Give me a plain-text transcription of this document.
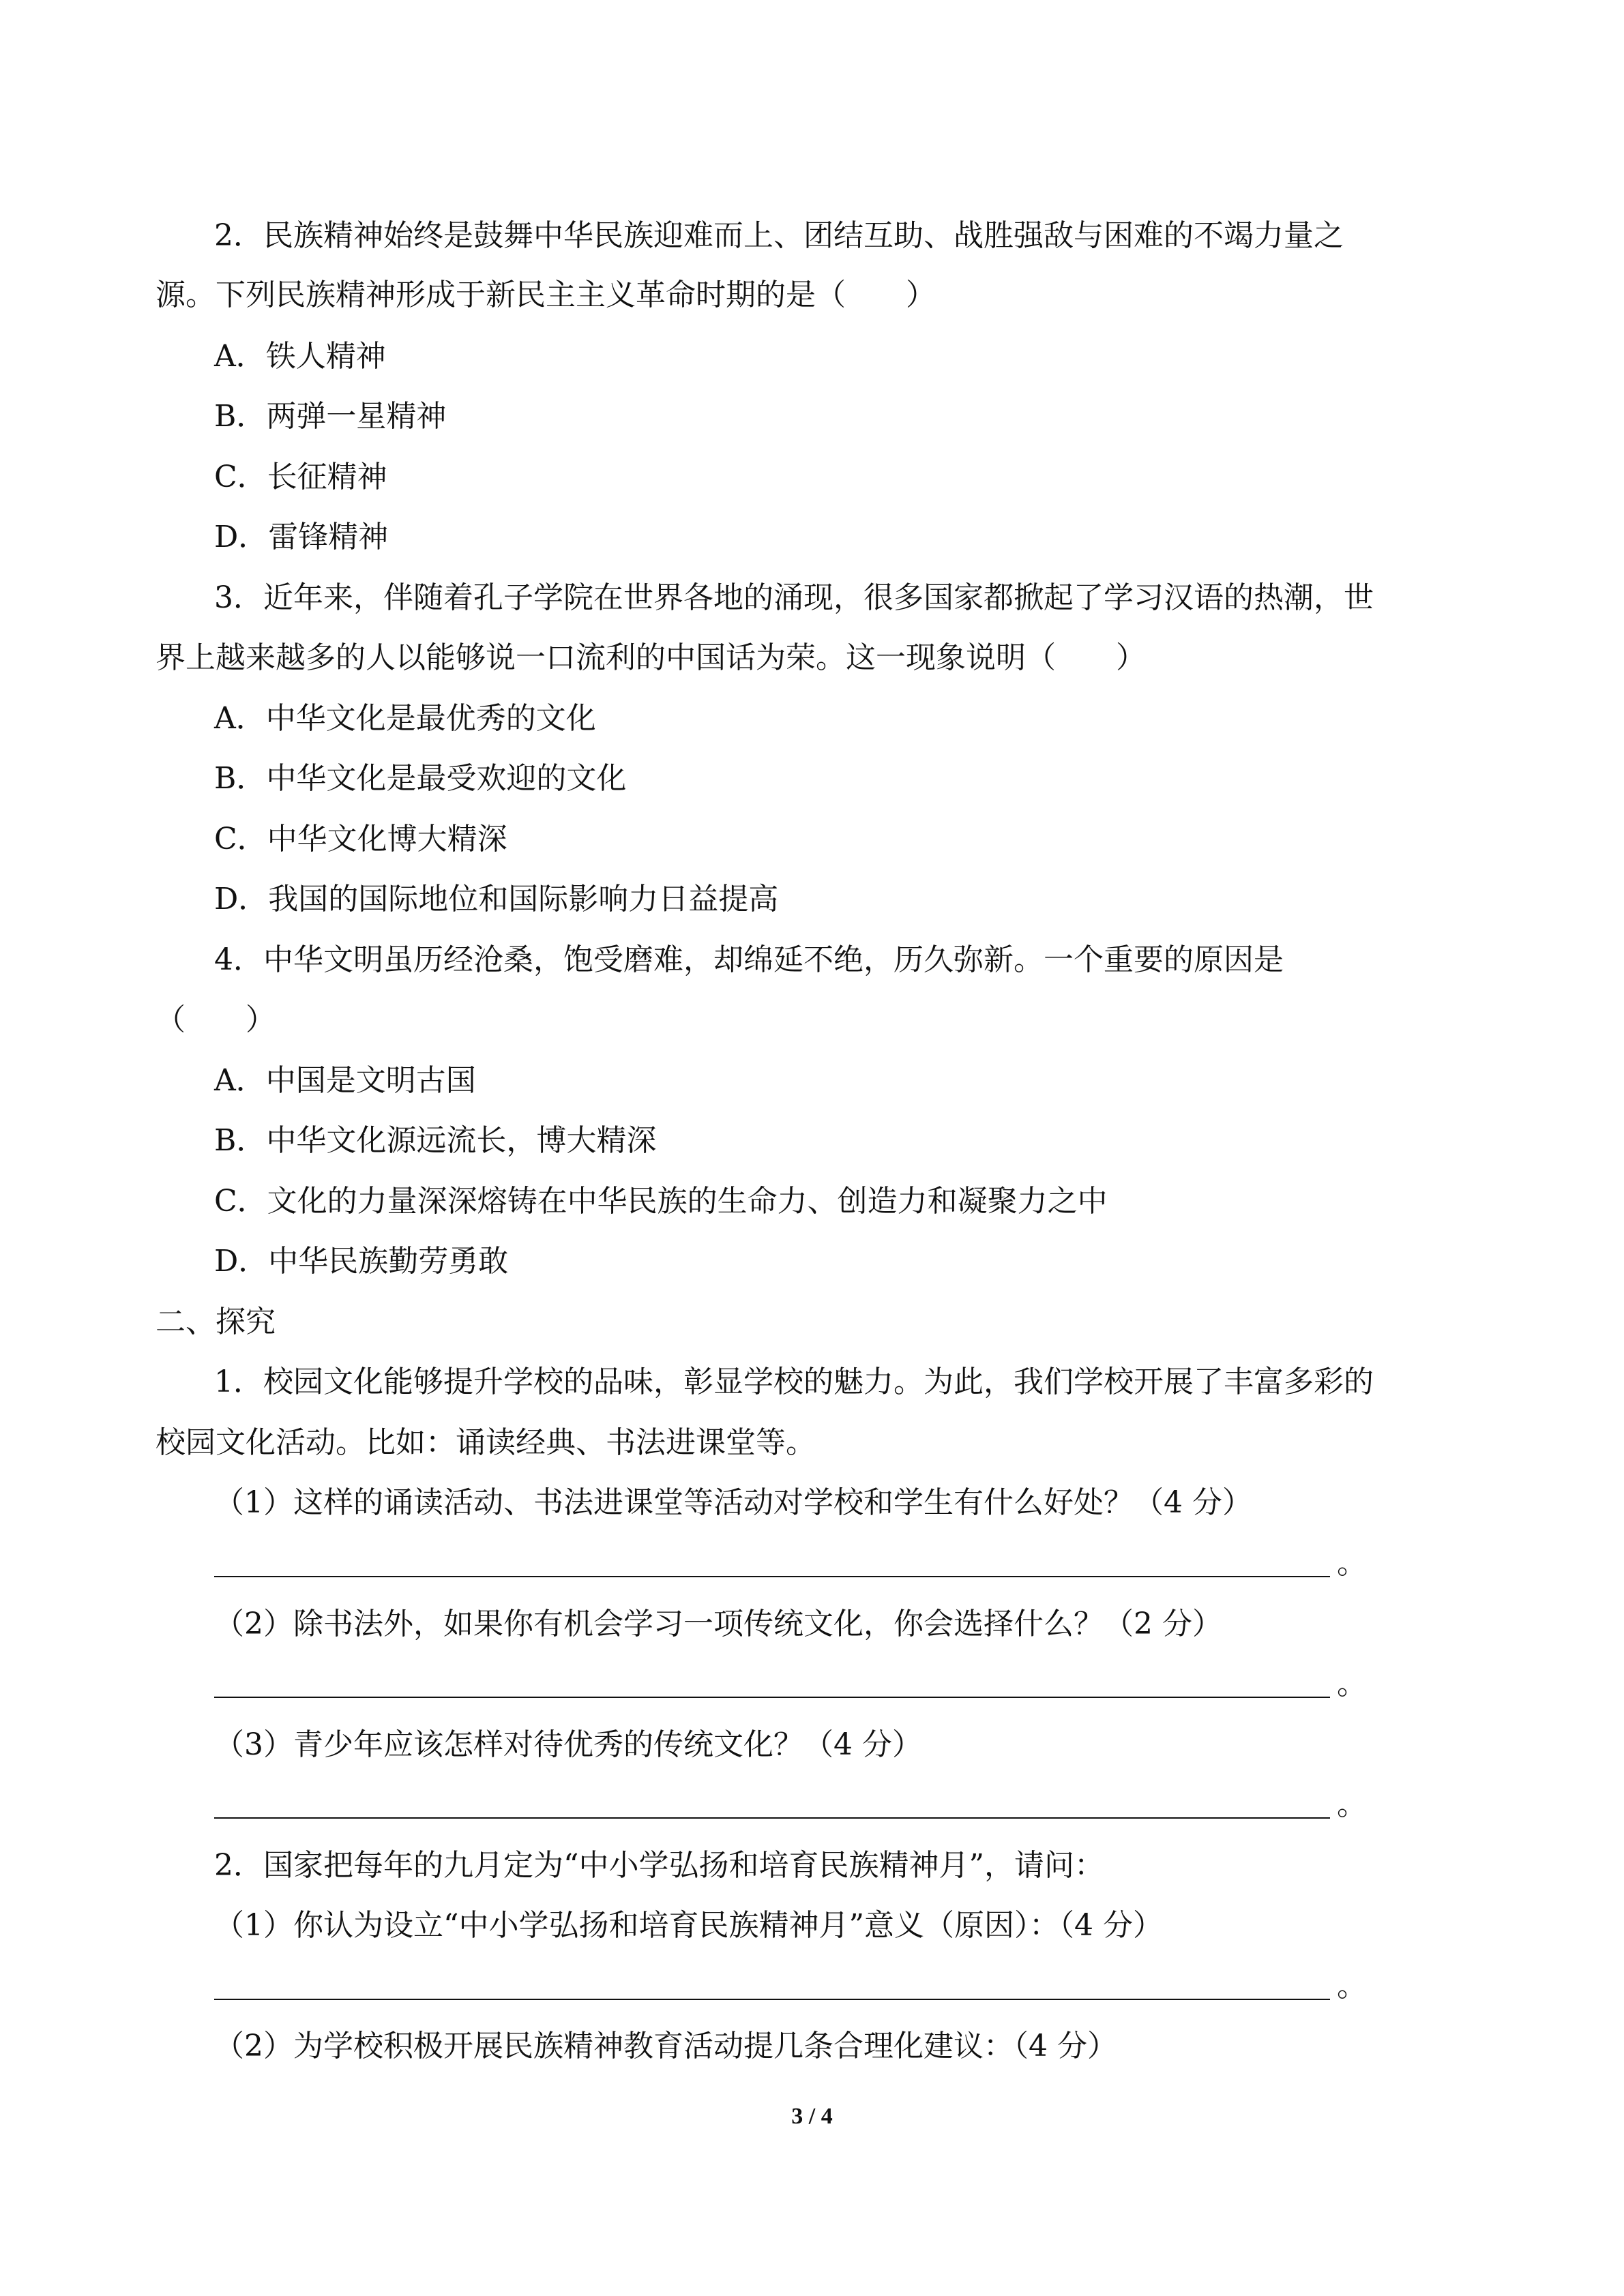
2．民族精神始终是鼓舞中华民族迎难而上、团结互助、战胜强敌与困难的不竭力量之
源。下列民族精神形成于新民主主义革命时期的是（　　）
A．铁人精神
B．两弹一星精神
C．长征精神
D．雷锋精神
3．近年来，伴随着孔子学院在世界各地的涌现，很多国家都掀起了学习汉语的热潮，世
界上越来越多的人以能够说一口流利的中国话为荣。这一现象说明（　　）
A．中华文化是最优秀的文化
B．中华文化是最受欢迎的文化
C．中华文化博大精深
D．我国的国际地位和国际影响力日益提高
4．中华文明虽历经沧桑，饱受磨难，却绵延不绝，历久弥新。一个重要的原因是
（　　）
A．中国是文明古国
B．中华文化源远流长，博大精深
C．文化的力量深深熔铸在中华民族的生命力、创造力和凝聚力之中
D．中华民族勤劳勇敢
二、探究
1．校园文化能够提升学校的品味，彰显学校的魅力。为此，我们学校开展了丰富多彩的
校园文化活动。比如：诵读经典、书法进课堂等。
（1）这样的诵读活动、书法进课堂等活动对学校和学生有什么好处？（4 分）
。
（2）除书法外，如果你有机会学习一项传统文化，你会选择什么？（2 分）
。
（3）青少年应该怎样对待优秀的传统文化？（4 分）
。
2．国家把每年的九月定为“中小学弘扬和培育民族精神月”，请问：
（1）你认为设立“中小学弘扬和培育民族精神月”意义（原因）：（4 分）
。
（2）为学校积极开展民族精神教育活动提几条合理化建议：（4 分）
3 / 4
